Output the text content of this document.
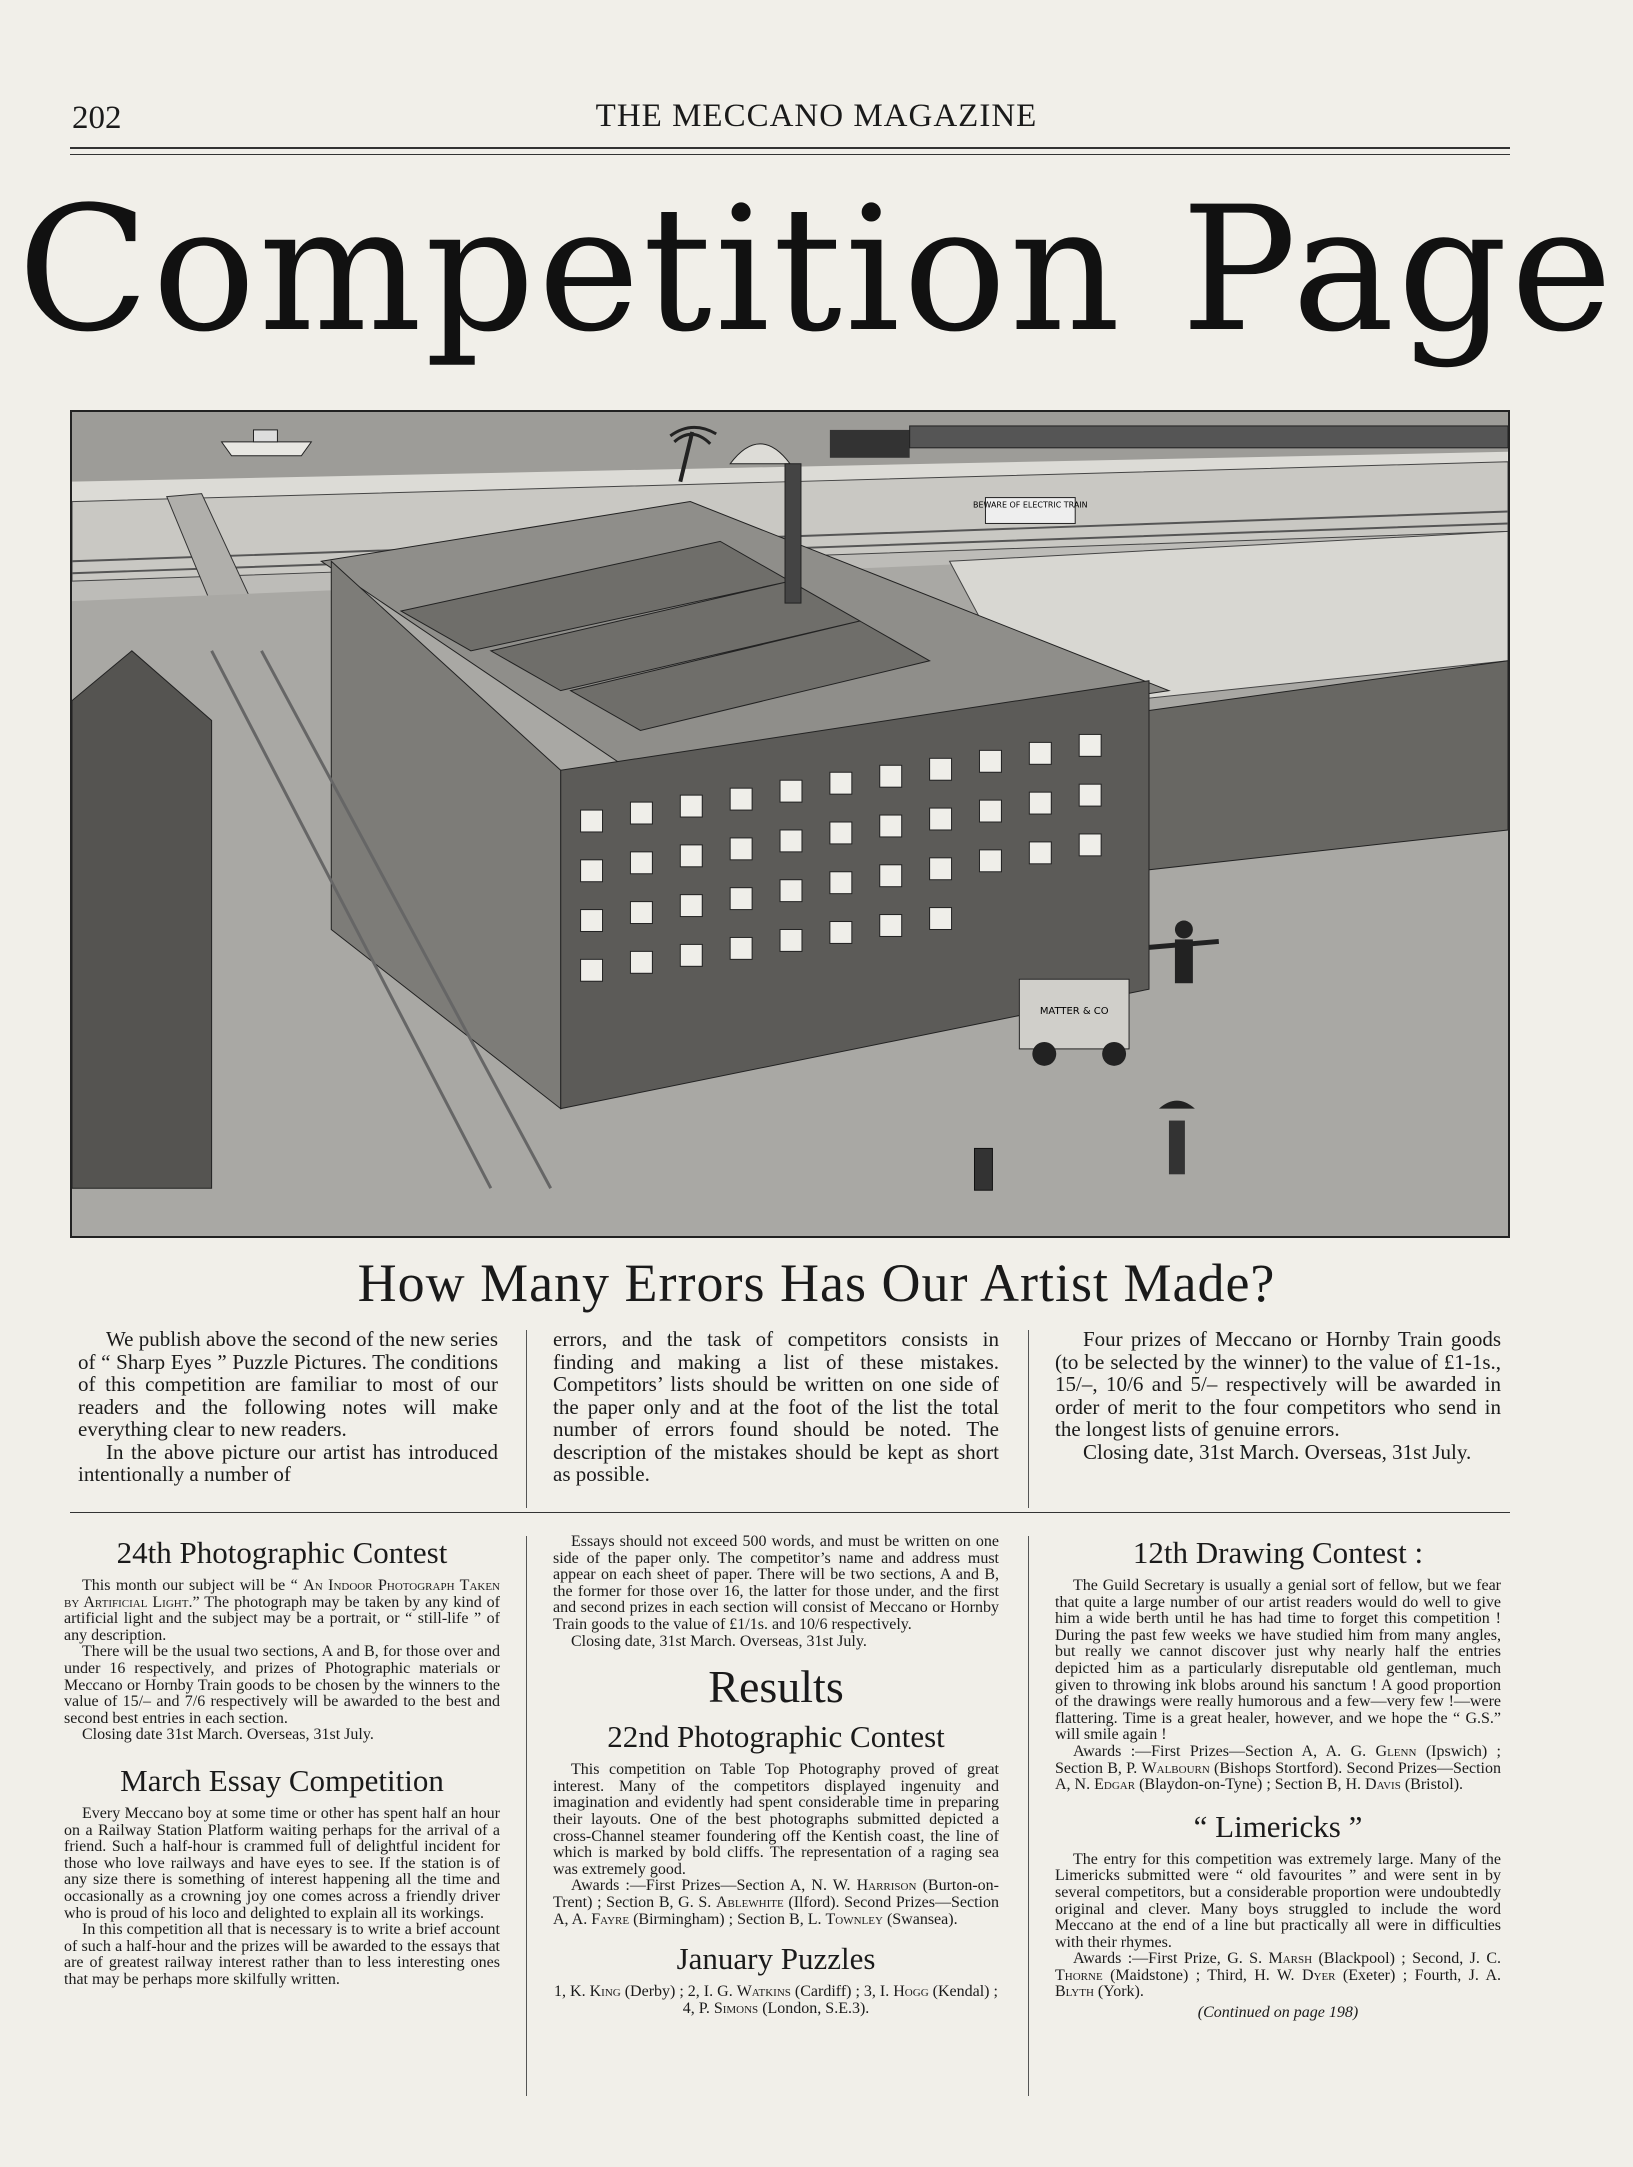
202	THE MECCANO MAGAZINE
Competition Page
BEWARE OF ELECTRIC TRAIN
MATTER & CO
How Many Errors Has Our Artist Made?

We publish above the second of the new series of “ Sharp Eyes ” Puzzle Pictures. The conditions of this competition are familiar to most of our readers and the following notes will make everything clear to new readers.

In the above picture our artist has introduced intentionally a number of

errors, and the task of competitors consists in finding and making a list of these mistakes. Competitors’ lists should be written on one side of the paper only and at the foot of the list the total number of errors found should be noted. The description of the mistakes should be kept as short as possible.

Four prizes of Meccano or Hornby Train goods (to be selected by the winner) to the value of £1-1s., 15/–, 10/6 and 5/– respectively will be awarded in order of merit to the four competitors who send in the longest lists of genuine errors.

Closing date, 31st March. Overseas, 31st July.

24th Photographic Contest

This month our subject will be “ An Indoor Photograph Taken by Artificial Light.” The photograph may be taken by any kind of artificial light and the subject may be a portrait, or “ still-life ” of any description.

There will be the usual two sections, A and B, for those over and under 16 respectively, and prizes of Photographic materials or Meccano or Hornby Train goods to be chosen by the winners to the value of 15/– and 7/6 respectively will be awarded to the best and second best entries in each section.

Closing date 31st March. Overseas, 31st July.

March Essay Competition

Every Meccano boy at some time or other has spent half an hour on a Railway Station Platform waiting perhaps for the arrival of a friend. Such a half-hour is crammed full of delightful incident for those who love railways and have eyes to see. If the station is of any size there is something of interest happening all the time and occasionally as a crowning joy one comes across a friendly driver who is proud of his loco and delighted to explain all its workings.

In this competition all that is necessary is to write a brief account of such a half-hour and the prizes will be awarded to the essays that are of greatest railway interest rather than to less interesting ones that may be perhaps more skilfully written.

Essays should not exceed 500 words, and must be written on one side of the paper only. The competitor’s name and address must appear on each sheet of paper. There will be two sections, A and B, the former for those over 16, the latter for those under, and the first and second prizes in each section will consist of Meccano or Hornby Train goods to the value of £1/1s. and 10/6 respectively.

Closing date, 31st March. Overseas, 31st July.

Results
22nd Photographic Contest

This competition on Table Top Photography proved of great interest. Many of the competitors displayed ingenuity and imagination and evidently had spent considerable time in preparing their layouts. One of the best photographs submitted depicted a cross-Channel steamer foundering off the Kentish coast, the line of which is marked by bold cliffs. The representation of a raging sea was extremely good.

Awards :—First Prizes—Section A, N. W. Harrison (Burton-on-Trent) ; Section B, G. S. Ablewhite (Ilford). Second Prizes—Section A, A. Fayre (Birmingham) ; Section B, L. Townley (Swansea).

January Puzzles

1, K. King (Derby) ; 2, I. G. Watkins (Cardiff) ; 3, I. Hogg (Kendal) ; 4, P. Simons (London, S.E.3).

12th Drawing Contest :

The Guild Secretary is usually a genial sort of fellow, but we fear that quite a large number of our artist readers would do well to give him a wide berth until he has had time to forget this competition ! During the past few weeks we have studied him from many angles, but really we cannot discover just why nearly half the entries depicted him as a particularly disreputable old gentleman, much given to throwing ink blobs around his sanctum ! A good proportion of the drawings were really humorous and a few—very few !—were flattering. Time is a great healer, however, and we hope the “ G.S.” will smile again !

Awards :—First Prizes—Section A, A. G. Glenn (Ipswich) ; Section B, P. Walbourn (Bishops Stortford). Second Prizes—Section A, N. Edgar (Blaydon-on-Tyne) ; Section B, H. Davis (Bristol).

“ Limericks ”

The entry for this competition was extremely large. Many of the Limericks submitted were “ old favourites ” and were sent in by several competitors, but a considerable proportion were undoubtedly original and clever. Many boys struggled to include the word Meccano at the end of a line but practically all were in difficulties with their rhymes.

Awards :—First Prize, G. S. Marsh (Blackpool) ; Second, J. C. Thorne (Maidstone) ; Third, H. W. Dyer (Exeter) ; Fourth, J. A. Blyth (York).

(Continued on page 198)
